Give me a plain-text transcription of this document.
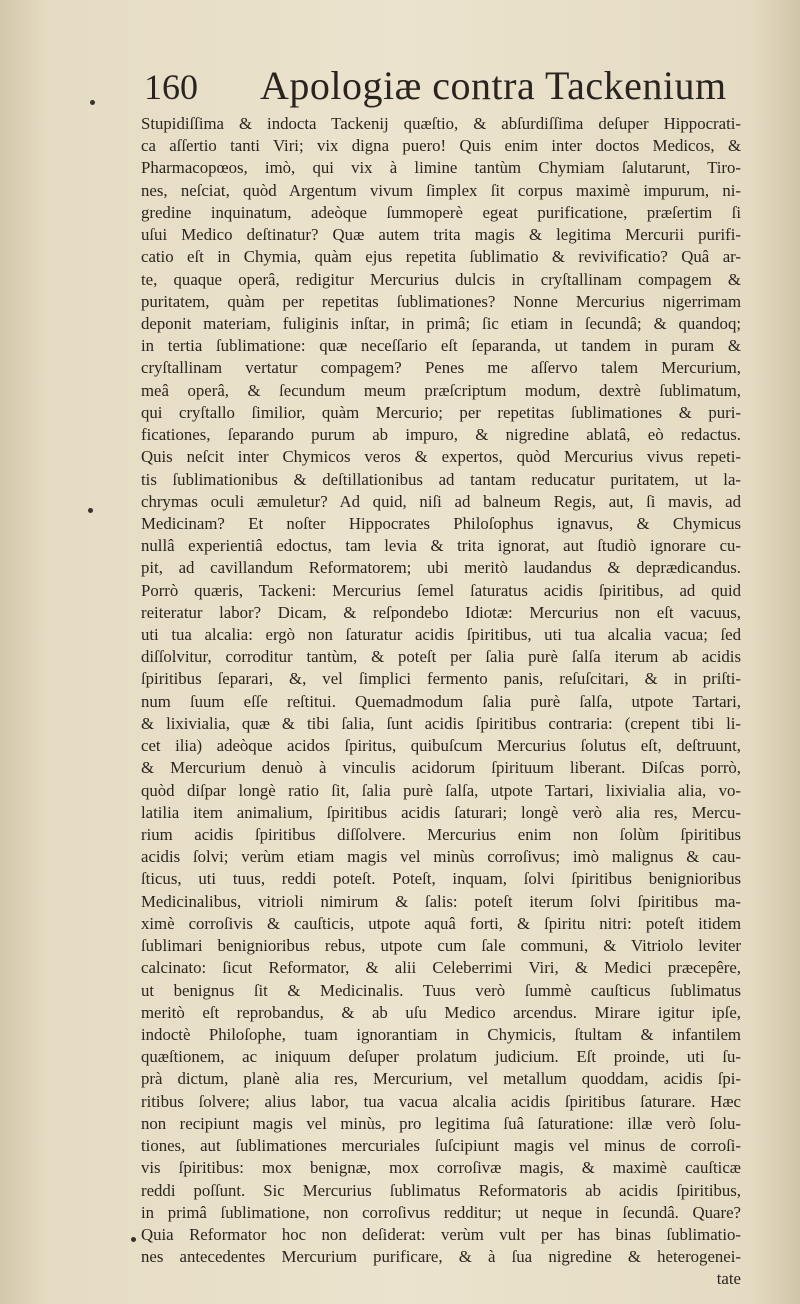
160 Apologiæ contra Tackenium
Stupidiſſima & indocta Tackenij quæſtio, & abſurdiſſima deſuper Hippocrati-
ca aſſertio tanti Viri; vix digna puero! Quis enim inter doctos Medicos, &
Pharmacopœos, imò, qui vix à limine tantùm Chymiam ſalutarunt, Tiro-
nes, neſciat, quòd Argentum vivum ſimplex ſit corpus maximè impurum, ni-
gredine inquinatum, adeòque ſummoperè egeat purificatione, præſertim ſi
uſui Medico deſtinatur? Quæ autem trita magis & legitima Mercurii purifi-
catio eſt in Chymia, quàm ejus repetita ſublimatio & revivificatio? Quâ ar-
te, quaque operâ, redigitur Mercurius dulcis in cryſtallinam compagem &
puritatem, quàm per repetitas ſublimationes? Nonne Mercurius nigerrimam
deponit materiam, fuliginis inſtar, in primâ; ſic etiam in ſecundâ; & quandoq;
in tertia ſublimatione: quæ neceſſario eſt ſeparanda, ut tandem in puram &
cryſtallinam vertatur compagem? Penes me aſſervo talem Mercurium,
meâ operâ, & ſecundum meum præſcriptum modum, dextrè ſublimatum,
qui cryſtallo ſimilior, quàm Mercurio; per repetitas ſublimationes & puri-
ficationes, ſeparando purum ab impuro, & nigredine ablatâ, eò redactus.
Quis neſcit inter Chymicos veros & expertos, quòd Mercurius vivus repeti-
tis ſublimationibus & deſtillationibus ad tantam reducatur puritatem, ut la-
chrymas oculi æmuletur? Ad quid, niſi ad balneum Regis, aut, ſi mavis, ad
Medicinam? Et noſter Hippocrates Philoſophus ignavus, & Chymicus
nullâ experientiâ edoctus, tam levia & trita ignorat, aut ſtudiò ignorare cu-
pit, ad cavillandum Reformatorem; ubi meritò laudandus & deprædicandus.
Porrò quæris, Tackeni: Mercurius ſemel ſaturatus acidis ſpiritibus, ad quid
reiteratur labor? Dicam, & reſpondebo Idiotæ: Mercurius non eſt vacuus,
uti tua alcalia: ergò non ſaturatur acidis ſpiritibus, uti tua alcalia vacua; ſed
diſſolvitur, corroditur tantùm, & poteſt per ſalia purè ſalſa iterum ab acidis
ſpiritibus ſeparari, &, vel ſimplici fermento panis, reſuſcitari, & in priſti-
num ſuum eſſe reſtitui. Quemadmodum ſalia purè ſalſa, utpote Tartari,
& lixivialia, quæ & tibi ſalia, ſunt acidis ſpiritibus contraria: (crepent tibi li-
cet ilia) adeòque acidos ſpiritus, quibuſcum Mercurius ſolutus eſt, deſtruunt,
& Mercurium denuò à vinculis acidorum ſpirituum liberant. Diſcas porrò,
quòd diſpar longè ratio ſit, ſalia purè ſalſa, utpote Tartari, lixivialia alia, vo-
latilia item animalium, ſpiritibus acidis ſaturari; longè verò alia res, Mercu-
rium acidis ſpiritibus diſſolvere. Mercurius enim non ſolùm ſpiritibus
acidis ſolvi; verùm etiam magis vel minùs corroſivus; imò malignus & cau-
ſticus, uti tuus, reddi poteſt. Poteſt, inquam, ſolvi ſpiritibus benignioribus
Medicinalibus, vitrioli nimirum & ſalis: poteſt iterum ſolvi ſpiritibus ma-
ximè corroſivis & cauſticis, utpote aquâ forti, & ſpiritu nitri: poteſt itidem
ſublimari benignioribus rebus, utpote cum ſale communi, & Vitriolo leviter
calcinato: ſicut Reformator, & alii Celeberrimi Viri, & Medici præcepêre,
ut benignus ſit & Medicinalis. Tuus verò ſummè cauſticus ſublimatus
meritò eſt reprobandus, & ab uſu Medico arcendus. Mirare igitur ipſe,
indoctè Philoſophe, tuam ignorantiam in Chymicis, ſtultam & infantilem
quæſtionem, ac iniquum deſuper prolatum judicium. Eſt proinde, uti ſu-
prà dictum, planè alia res, Mercurium, vel metallum quoddam, acidis ſpi-
ritibus ſolvere; alius labor, tua vacua alcalia acidis ſpiritibus ſaturare. Hæc
non recipiunt magis vel minùs, pro legitima ſuâ ſaturatione: illæ verò ſolu-
tiones, aut ſublimationes mercuriales ſuſcipiunt magis vel minus de corroſi-
vis ſpiritibus: mox benignæ, mox corroſivæ magis, & maximè cauſticæ
reddi poſſunt. Sic Mercurius ſublimatus Reformatoris ab acidis ſpiritibus,
in primâ ſublimatione, non corroſivus redditur; ut neque in ſecundâ. Quare?
Quia Reformator hoc non deſiderat: verùm vult per has binas ſublimatio-
nes antecedentes Mercurium purificare, & à ſua nigredine & heterogenei-
tate
